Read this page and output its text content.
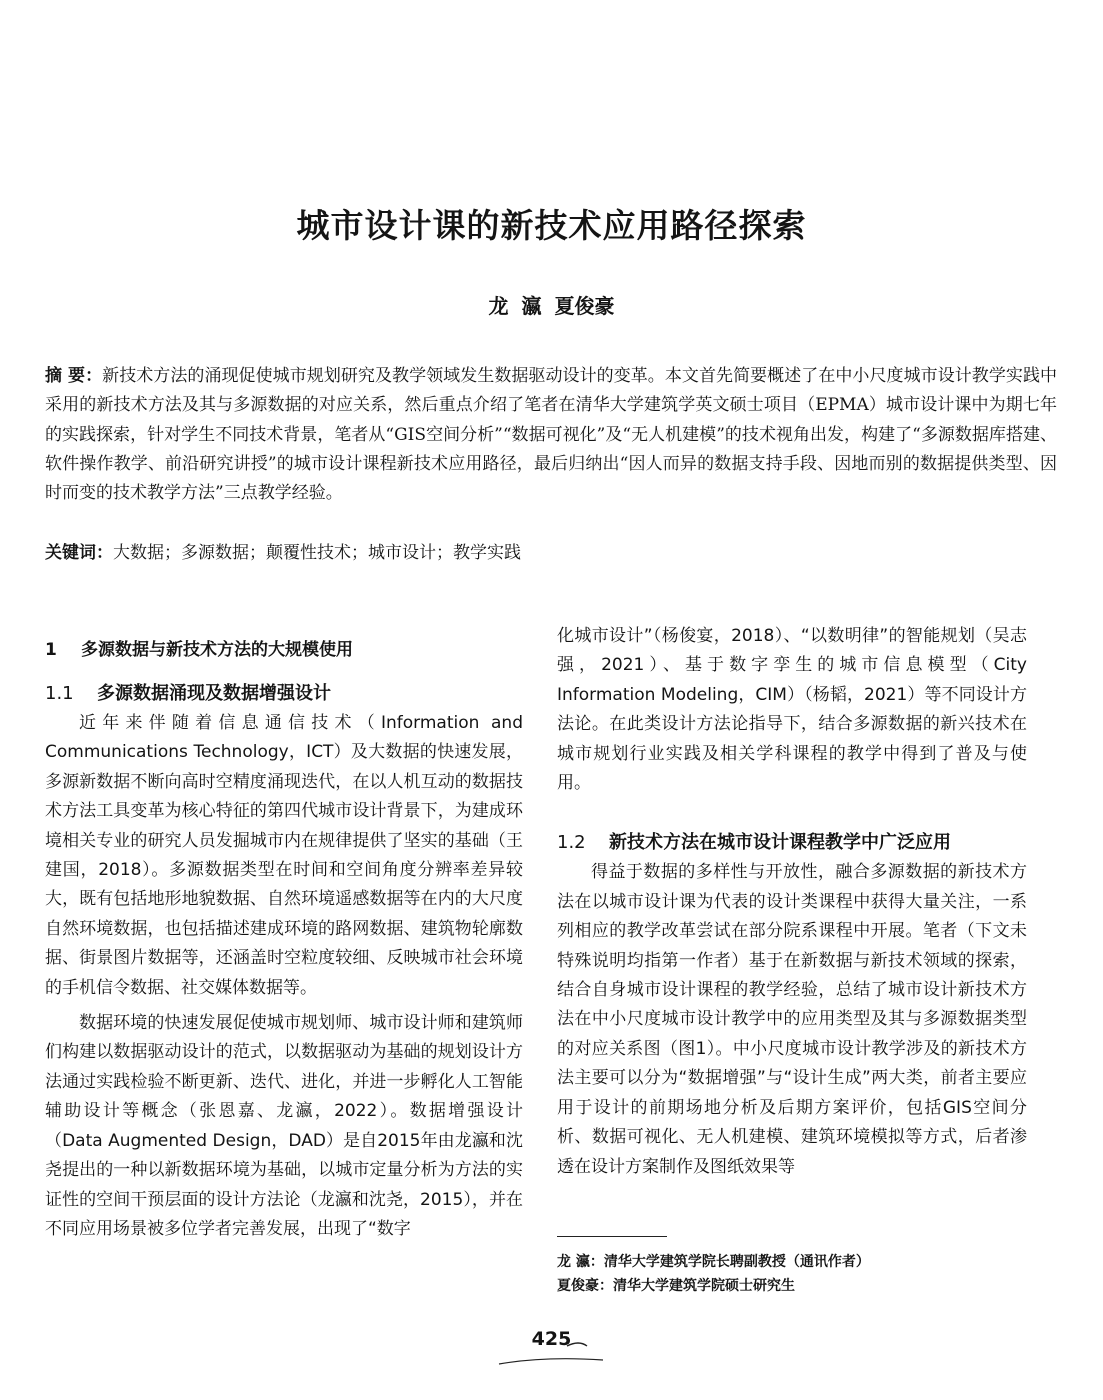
城市设计课的新技术应用路径探索
龙 瀛 夏俊豪
摘 要：新技术方法的涌现促使城市规划研究及教学领域发生数据驱动设计的变革。本文首先简要概述了在中小尺度城市设计教学实践中采用的新技术方法及其与多源数据的对应关系，然后重点介绍了笔者在清华大学建筑学英文硕士项目（EPMA）城市设计课中为期七年的实践探索，针对学生不同技术背景，笔者从“GIS空间分析”“数据可视化”及“无人机建模”的技术视角出发，构建了“多源数据库搭建、软件操作教学、前沿研究讲授”的城市设计课程新技术应用路径，最后归纳出“因人而异的数据支持手段、因地而别的数据提供类型、因时而变的技术教学方法”三点教学经验。
关键词：大数据；多源数据；颠覆性技术；城市设计；教学实践
1 多源数据与新技术方法的大规模使用
1.1 多源数据涌现及数据增强设计

近年来伴随着信息通信技术（Information and Communications Technology，ICT）及大数据的快速发展，多源新数据不断向高时空精度涌现迭代，在以人机互动的数据技术方法工具变革为核心特征的第四代城市设计背景下，为建成环境相关专业的研究人员发掘城市内在规律提供了坚实的基础（王建国，2018）。多源数据类型在时间和空间角度分辨率差异较大，既有包括地形地貌数据、自然环境遥感数据等在内的大尺度自然环境数据，也包括描述建成环境的路网数据、建筑物轮廓数据、街景图片数据等，还涵盖时空粒度较细、反映城市社会环境的手机信令数据、社交媒体数据等。

数据环境的快速发展促使城市规划师、城市设计师和建筑师们构建以数据驱动设计的范式，以数据驱动为基础的规划设计方法通过实践检验不断更新、迭代、进化，并进一步孵化人工智能辅助设计等概念（张恩嘉、龙瀛，2022）。数据增强设计（Data Augmented Design，DAD）是自2015年由龙瀛和沈尧提出的一种以新数据环境为基础，以城市定量分析为方法的实证性的空间干预层面的设计方法论（龙瀛和沈尧，2015），并在不同应用场景被多位学者完善发展，出现了“数字

化城市设计”（杨俊宴，2018）、“以数明律”的智能规划（吴志强，2021）、基于数字孪生的城市信息模型（City Information Modeling，CIM）（杨韬，2021）等不同设计方法论。在此类设计方法论指导下，结合多源数据的新兴技术在城市规划行业实践及相关学科课程的教学中得到了普及与使用。

1.2 新技术方法在城市设计课程教学中广泛应用

得益于数据的多样性与开放性，融合多源数据的新技术方法在以城市设计课为代表的设计类课程中获得大量关注，一系列相应的教学改革尝试在部分院系课程中开展。笔者（下文未特殊说明均指第一作者）基于在新数据与新技术领域的探索，结合自身城市设计课程的教学经验，总结了城市设计新技术方法在中小尺度城市设计教学中的应用类型及其与多源数据类型的对应关系图（图1）。中小尺度城市设计教学涉及的新技术方法主要可以分为“数据增强”与“设计生成”两大类，前者主要应用于设计的前期场地分析及后期方案评价，包括GIS空间分析、数据可视化、无人机建模、建筑环境模拟等方式，后者渗透在设计方案制作及图纸效果等

龙 瀛：清华大学建筑学院长聘副教授（通讯作者）

夏俊豪：清华大学建筑学院硕士研究生

425
